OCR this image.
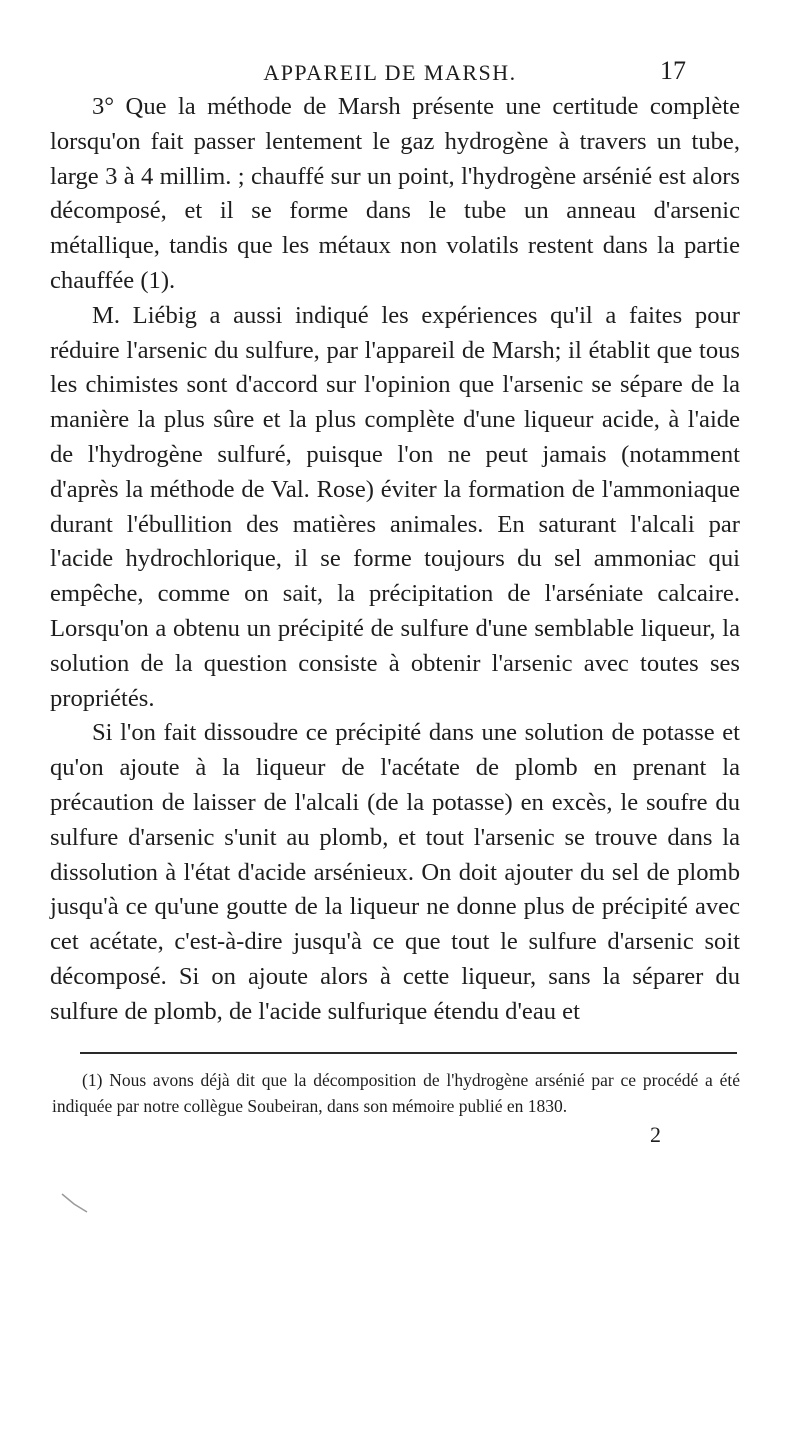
APPAREIL DE MARSH.	17

3° Que la méthode de Marsh présente une certitude complète lorsqu'on fait passer lentement le gaz hydrogène à travers un tube, large 3 à 4 millim. ; chauffé sur un point, l'hydrogène arsénié est alors décomposé, et il se forme dans le tube un anneau d'arsenic métallique, tandis que les métaux non volatils restent dans la partie chauffée (1).

M. Liébig a aussi indiqué les expériences qu'il a faites pour réduire l'arsenic du sulfure, par l'appareil de Marsh; il établit que tous les chimistes sont d'accord sur l'opinion que l'arsenic se sépare de la manière la plus sûre et la plus complète d'une liqueur acide, à l'aide de l'hydrogène sulfuré, puisque l'on ne peut jamais (notamment d'après la méthode de Val. Rose) éviter la formation de l'ammoniaque durant l'ébullition des matières animales. En saturant l'alcali par l'acide hydrochlorique, il se forme toujours du sel ammoniac qui empêche, comme on sait, la précipitation de l'arséniate calcaire. Lorsqu'on a obtenu un précipité de sulfure d'une semblable liqueur, la solution de la question consiste à obtenir l'arsenic avec toutes ses propriétés.

Si l'on fait dissoudre ce précipité dans une solution de potasse et qu'on ajoute à la liqueur de l'acétate de plomb en prenant la précaution de laisser de l'alcali (de la potasse) en excès, le soufre du sulfure d'arsenic s'unit au plomb, et tout l'arsenic se trouve dans la dissolution à l'état d'acide arsénieux. On doit ajouter du sel de plomb jusqu'à ce qu'une goutte de la liqueur ne donne plus de précipité avec cet acétate, c'est-à-dire jusqu'à ce que tout le sulfure d'arsenic soit décomposé. Si on ajoute alors à cette liqueur, sans la séparer du sulfure de plomb, de l'acide sulfurique étendu d'eau et

(1) Nous avons déjà dit que la décomposition de l'hydrogène arsénié par ce procédé a été indiquée par notre collègue Soubeiran, dans son mémoire publié en 1830.
2
